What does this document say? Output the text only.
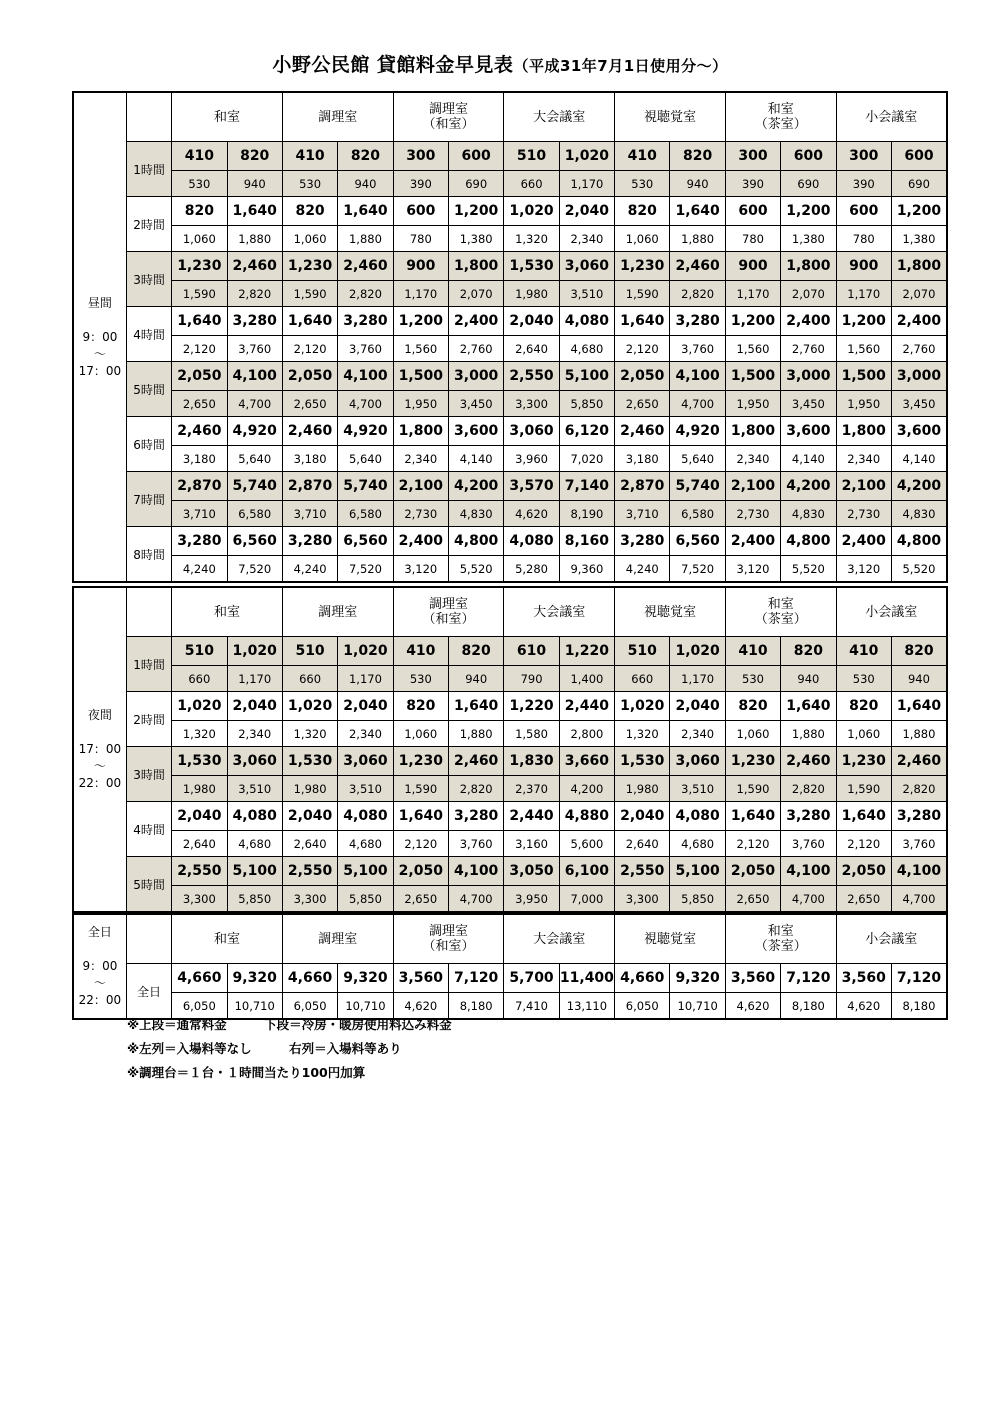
小野公民館 貸館料金早見表（平成31年7月1日使用分～）
昼間

9：00
～
17：00		和室		調理室		調理室
（和室）		大会議室		視聴覚室		和室
（茶室）		小会議室	

	1時間	410	820	410	820	300	600	510	1,020	410	820	300	600	300	600
		530	940	530	940	390	690	660	1,170	530	940	390	690	390	690
	2時間	820	1,640	820	1,640	600	1,200	1,020	2,040	820	1,640	600	1,200	600	1,200
		1,060	1,880	1,060	1,880	780	1,380	1,320	2,340	1,060	1,880	780	1,380	780	1,380
	3時間	1,230	2,460	1,230	2,460	900	1,800	1,530	3,060	1,230	2,460	900	1,800	900	1,800
		1,590	2,820	1,590	2,820	1,170	2,070	1,980	3,510	1,590	2,820	1,170	2,070	1,170	2,070
	4時間	1,640	3,280	1,640	3,280	1,200	2,400	2,040	4,080	1,640	3,280	1,200	2,400	1,200	2,400
		2,120	3,760	2,120	3,760	1,560	2,760	2,640	4,680	2,120	3,760	1,560	2,760	1,560	2,760
	5時間	2,050	4,100	2,050	4,100	1,500	3,000	2,550	5,100	2,050	4,100	1,500	3,000	1,500	3,000
		2,650	4,700	2,650	4,700	1,950	3,450	3,300	5,850	2,650	4,700	1,950	3,450	1,950	3,450
	6時間	2,460	4,920	2,460	4,920	1,800	3,600	3,060	6,120	2,460	4,920	1,800	3,600	1,800	3,600
		3,180	5,640	3,180	5,640	2,340	4,140	3,960	7,020	3,180	5,640	2,340	4,140	2,340	4,140
	7時間	2,870	5,740	2,870	5,740	2,100	4,200	3,570	7,140	2,870	5,740	2,100	4,200	2,100	4,200
		3,710	6,580	3,710	6,580	2,730	4,830	4,620	8,190	3,710	6,580	2,730	4,830	2,730	4,830
	8時間	3,280	6,560	3,280	6,560	2,400	4,800	4,080	8,160	3,280	6,560	2,400	4,800	2,400	4,800
		4,240	7,520	4,240	7,520	3,120	5,520	5,280	9,360	4,240	7,520	3,120	5,520	3,120	5,520
夜間

17：00
～
22：00		和室		調理室		調理室
（和室）		大会議室		視聴覚室		和室
（茶室）		小会議室	

	1時間	510	1,020	510	1,020	410	820	610	1,220	510	1,020	410	820	410	820
		660	1,170	660	1,170	530	940	790	1,400	660	1,170	530	940	530	940
	2時間	1,020	2,040	1,020	2,040	820	1,640	1,220	2,440	1,020	2,040	820	1,640	820	1,640
		1,320	2,340	1,320	2,340	1,060	1,880	1,580	2,800	1,320	2,340	1,060	1,880	1,060	1,880
	3時間	1,530	3,060	1,530	3,060	1,230	2,460	1,830	3,660	1,530	3,060	1,230	2,460	1,230	2,460
		1,980	3,510	1,980	3,510	1,590	2,820	2,370	4,200	1,980	3,510	1,590	2,820	1,590	2,820
	4時間	2,040	4,080	2,040	4,080	1,640	3,280	2,440	4,880	2,040	4,080	1,640	3,280	1,640	3,280
		2,640	4,680	2,640	4,680	2,120	3,760	3,160	5,600	2,640	4,680	2,120	3,760	2,120	3,760
	5時間	2,550	5,100	2,550	5,100	2,050	4,100	3,050	6,100	2,550	5,100	2,050	4,100	2,050	4,100
		3,300	5,850	3,300	5,850	2,650	4,700	3,950	7,000	3,300	5,850	2,650	4,700	2,650	4,700
全日

9：00
～
22：00		和室		調理室		調理室
（和室）		大会議室		視聴覚室		和室
（茶室）		小会議室	

	全日	4,660	9,320	4,660	9,320	3,560	7,120	5,700	11,400	4,660	9,320	3,560	7,120	3,560	7,120
		6,050	10,710	6,050	10,710	4,620	8,180	7,410	13,110	6,050	10,710	4,620	8,180	4,620	8,180
※上段＝通常料金　　　下段＝冷房・暖房使用料込み料金
※左列＝入場料等なし　　　右列＝入場料等あり
※調理台＝１台・１時間当たり100円加算
